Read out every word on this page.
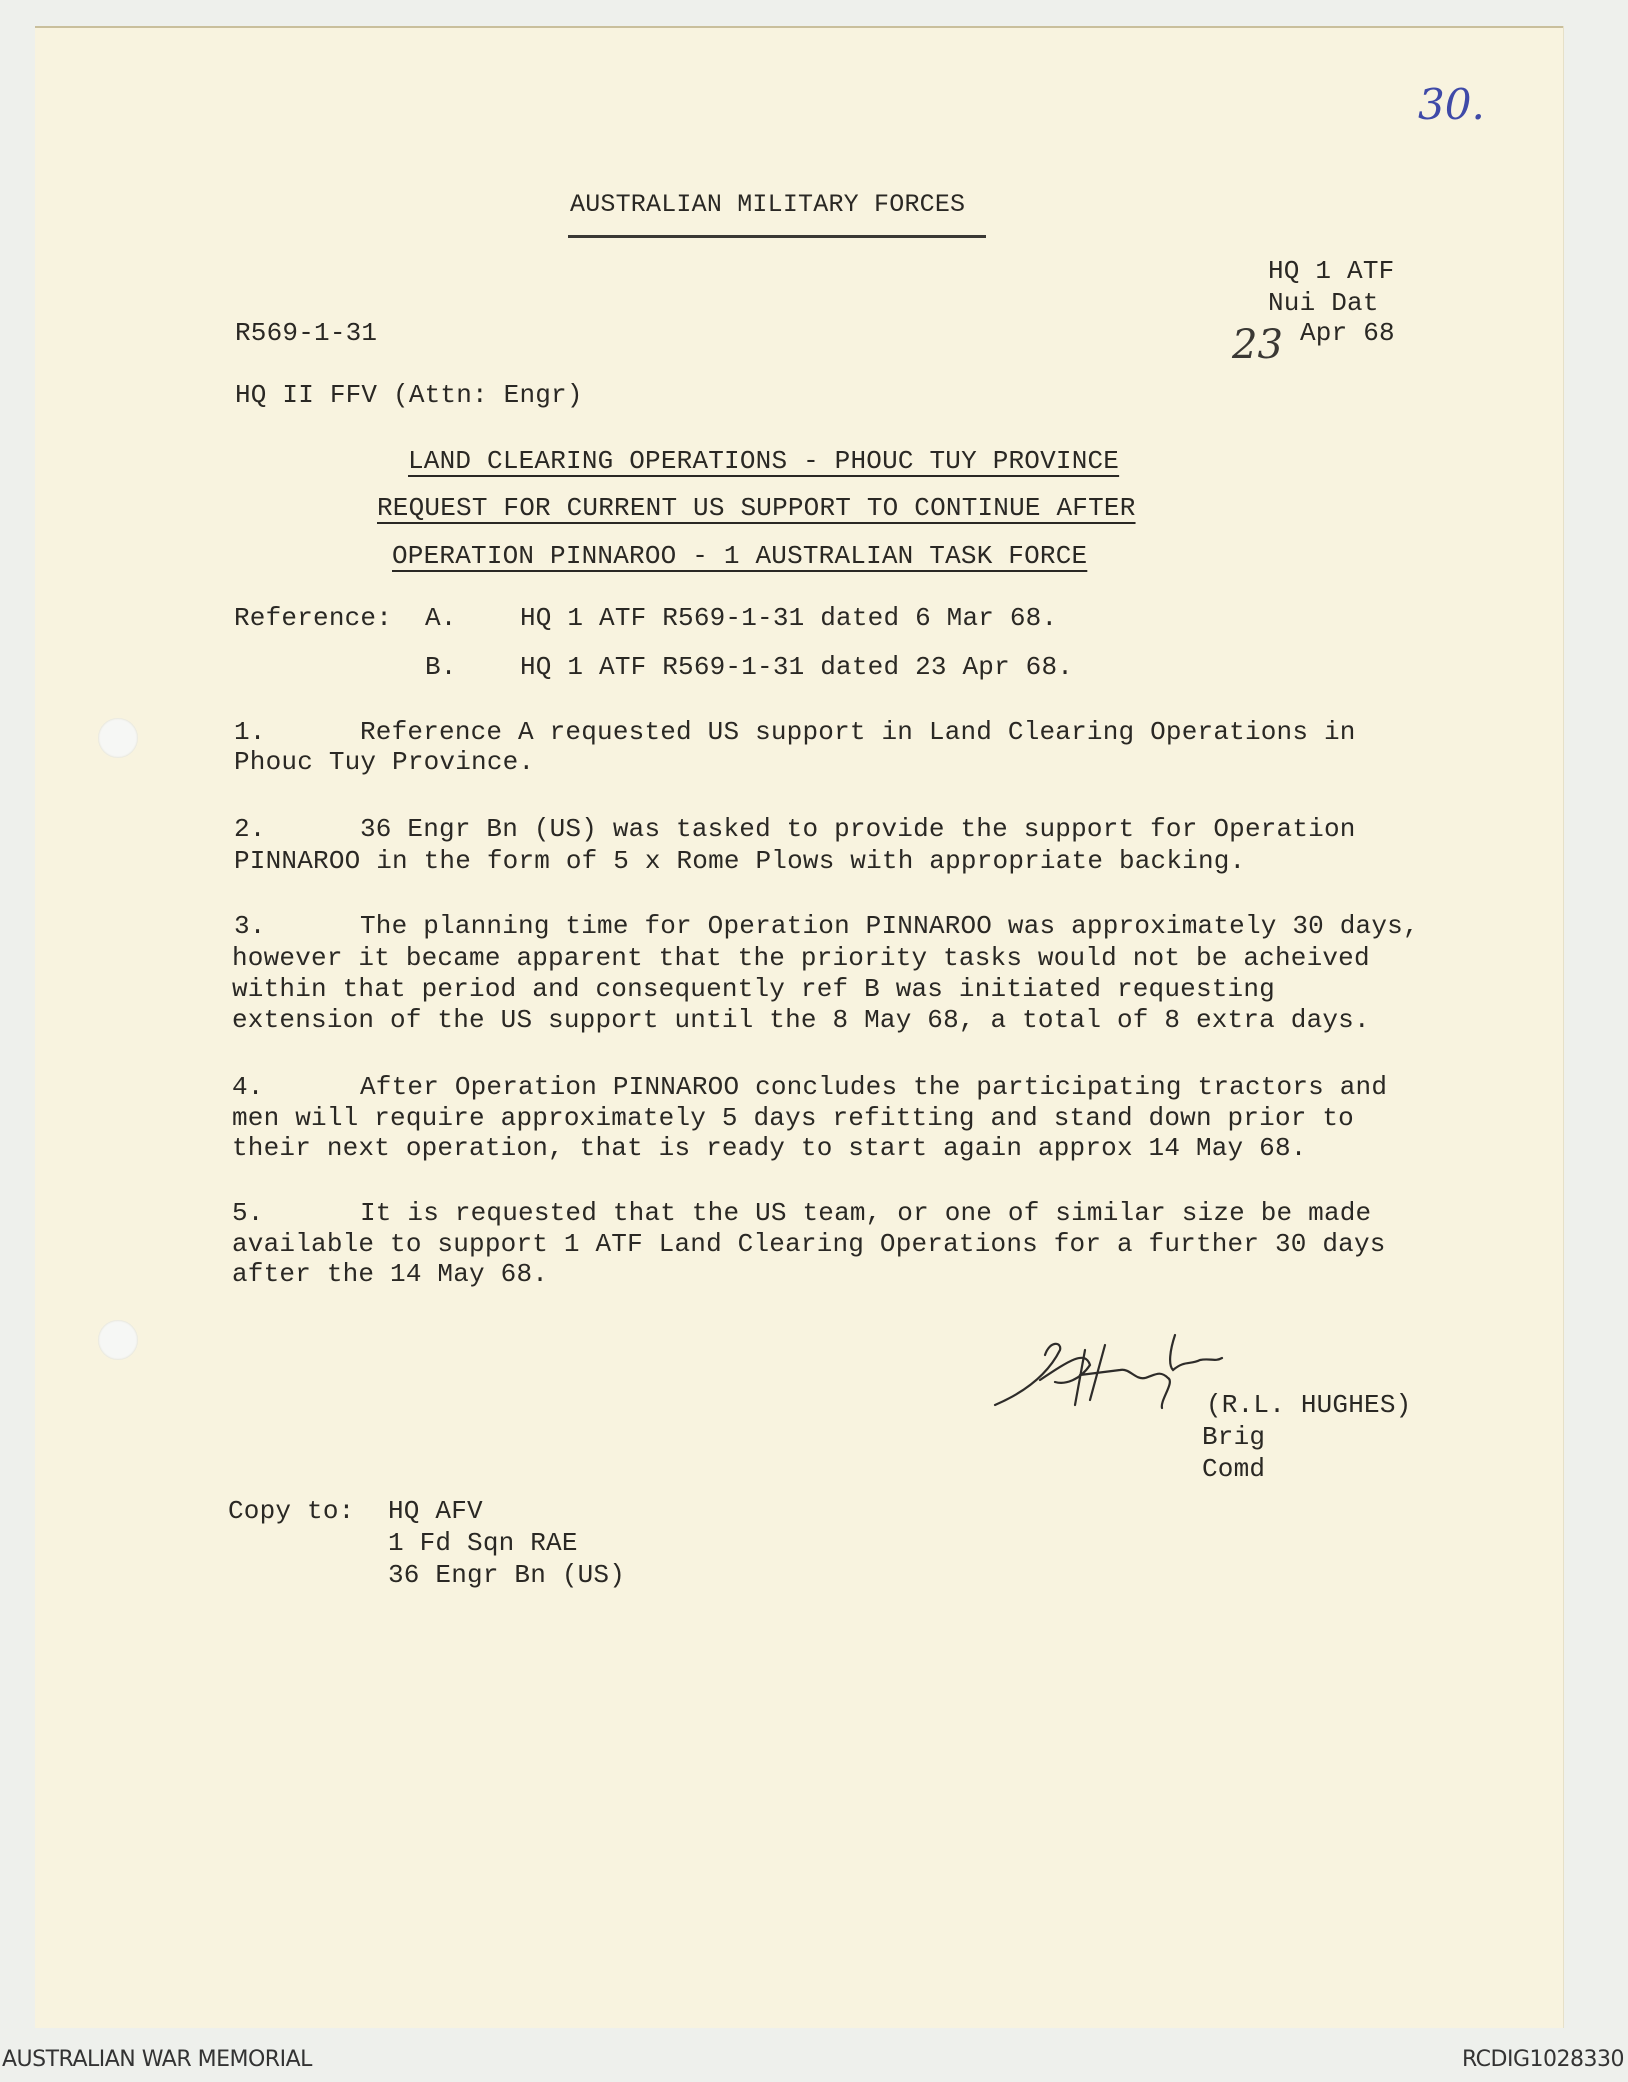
30.
AUSTRALIAN MILITARY FORCES
HQ 1 ATF
Nui Dat
23 Apr 68
R569-1-31
HQ II FFV (Attn: Engr)
LAND CLEARING OPERATIONS - PHOUC TUY PROVINCE
REQUEST FOR CURRENT US SUPPORT TO CONTINUE AFTER
OPERATION PINNAROO - 1 AUSTRALIAN TASK FORCE
Reference: A. HQ 1 ATF R569-1-31 dated 6 Mar 68.
B. HQ 1 ATF R569-1-31 dated 23 Apr 68.
1.	Reference A requested US support in Land Clearing Operations in
Phouc Tuy Province.
2.	36 Engr Bn (US) was tasked to provide the support for Operation
PINNAROO in the form of 5 x Rome Plows with appropriate backing.
3.	The planning time for Operation PINNAROO was approximately 30 days,
however it became apparent that the priority tasks would not be acheived
within that period and consequently ref B was initiated requesting
extension of the US support until the 8 May 68, a total of 8 extra days.
4.	After Operation PINNAROO concludes the participating tractors and
men will require approximately 5 days refitting and stand down prior to
their next operation, that is ready to start again approx 14 May 68.
5.	It is requested that the US team, or one of similar size be made
available to support 1 ATF Land Clearing Operations for a further 30 days
after the 14 May 68.
(R.L. HUGHES)
Brig
Comd
Copy to: HQ AFV
1 Fd Sqn RAE
36 Engr Bn (US)
AUSTRALIAN WAR MEMORIAL	RCDIG1028330
